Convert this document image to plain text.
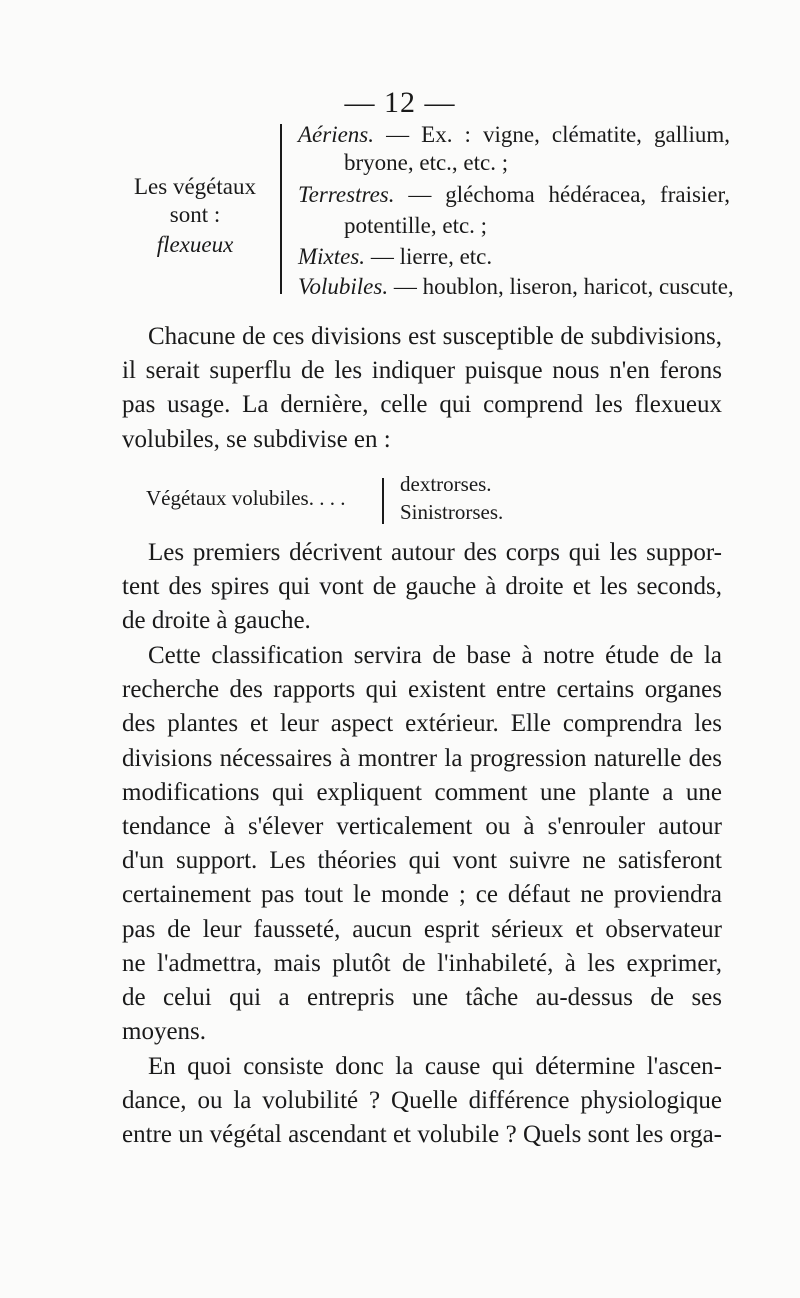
— 12 —
Les végétaux
sont :
flexueux
Aériens. — Ex. : vigne, clématite, gallium,
bryone, etc., etc. ;
Terrestres. — gléchoma hédéracea, fraisier,
potentille, etc. ;
Mixtes. — lierre, etc.
Volubiles. — houblon, liseron, haricot, cuscute,
Chacune de ces divisions est susceptible de subdivisions,
il serait superflu de les indiquer puisque nous n'en ferons
pas usage. La dernière, celle qui comprend les flexueux
volubiles, se subdivise en :
Végétaux volubiles. . . .
dextrorses.
Sinistrorses.
Les premiers décrivent autour des corps qui les suppor-
tent des spires qui vont de gauche à droite et les seconds,
de droite à gauche.
Cette classification servira de base à notre étude de la
recherche des rapports qui existent entre certains organes
des plantes et leur aspect extérieur. Elle comprendra les
divisions nécessaires à montrer la progression naturelle des
modifications qui expliquent comment une plante a une
tendance à s'élever verticalement ou à s'enrouler autour
d'un support. Les théories qui vont suivre ne satisferont
certainement pas tout le monde ; ce défaut ne proviendra
pas de leur fausseté, aucun esprit sérieux et observateur
ne l'admettra, mais plutôt de l'inhabileté, à les exprimer,
de celui qui a entrepris une tâche au-dessus de ses
moyens.
En quoi consiste donc la cause qui détermine l'ascen-
dance, ou la volubilité ? Quelle différence physiologique
entre un végétal ascendant et volubile ? Quels sont les orga-
